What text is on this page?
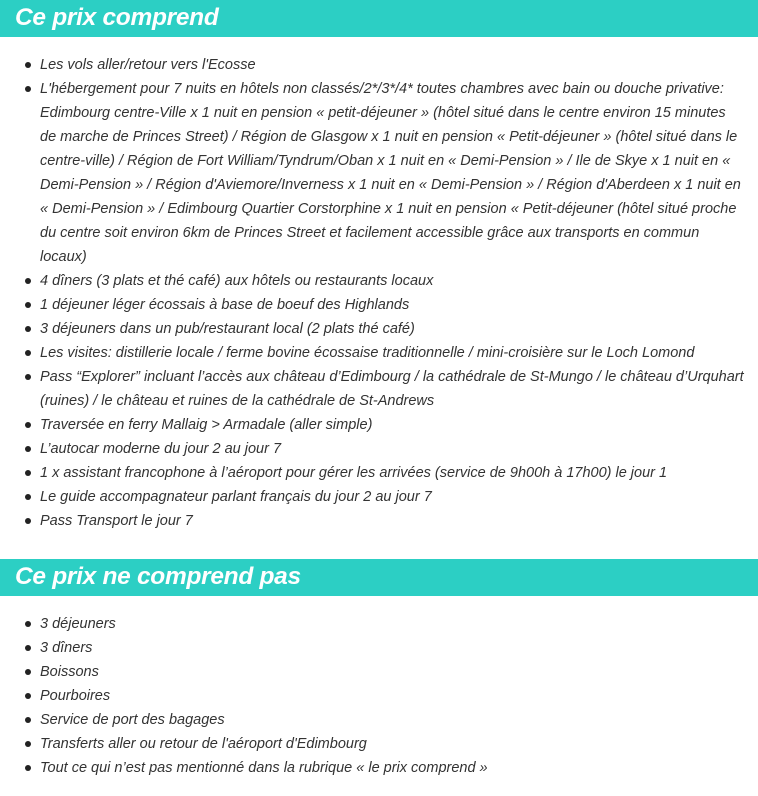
Ce prix comprend
Les vols aller/retour vers l'Ecosse
L'hébergement pour 7 nuits en hôtels non classés/2*/3*/4* toutes chambres avec bain ou douche privative: Edimbourg centre-Ville x 1 nuit en pension « petit-déjeuner » (hôtel situé dans le centre environ 15 minutes de marche de Princes Street) / Région de Glasgow x 1 nuit en pension « Petit-déjeuner » (hôtel situé dans le centre-ville) / Région de Fort William/Tyndrum/Oban x 1 nuit en « Demi-Pension » / Ile de Skye x 1 nuit en « Demi-Pension » / Région d'Aviemore/Inverness x 1 nuit en « Demi-Pension » / Région d'Aberdeen x 1 nuit en « Demi-Pension » / Edimbourg Quartier Corstorphine x 1 nuit en pension « Petit-déjeuner (hôtel situé proche du centre soit environ 6km de Princes Street et facilement accessible grâce aux transports en commun locaux)
4 dîners (3 plats et thé café) aux hôtels ou restaurants locaux
1 déjeuner léger écossais à base de boeuf des Highlands
3 déjeuners dans un pub/restaurant local (2 plats thé café)
Les visites: distillerie locale / ferme bovine écossaise traditionnelle / mini-croisière sur le Loch Lomond
Pass “Explorer” incluant l’accès aux château d’Edimbourg / la cathédrale de St-Mungo / le château d’Urquhart (ruines) / le château et ruines de la cathédrale de St-Andrews
Traversée en ferry Mallaig > Armadale (aller simple)
L’autocar moderne du jour 2 au jour 7
1 x assistant francophone à l’aéroport pour gérer les arrivées (service de 9h00h à 17h00) le jour 1
Le guide accompagnateur parlant français du jour 2 au jour 7
Pass Transport le jour 7
Ce prix ne comprend pas
3 déjeuners
3 dîners
Boissons
Pourboires
Service de port des bagages
Transferts aller ou retour de l'aéroport d'Edimbourg
Tout ce qui n’est pas mentionné dans la rubrique « le prix comprend »
